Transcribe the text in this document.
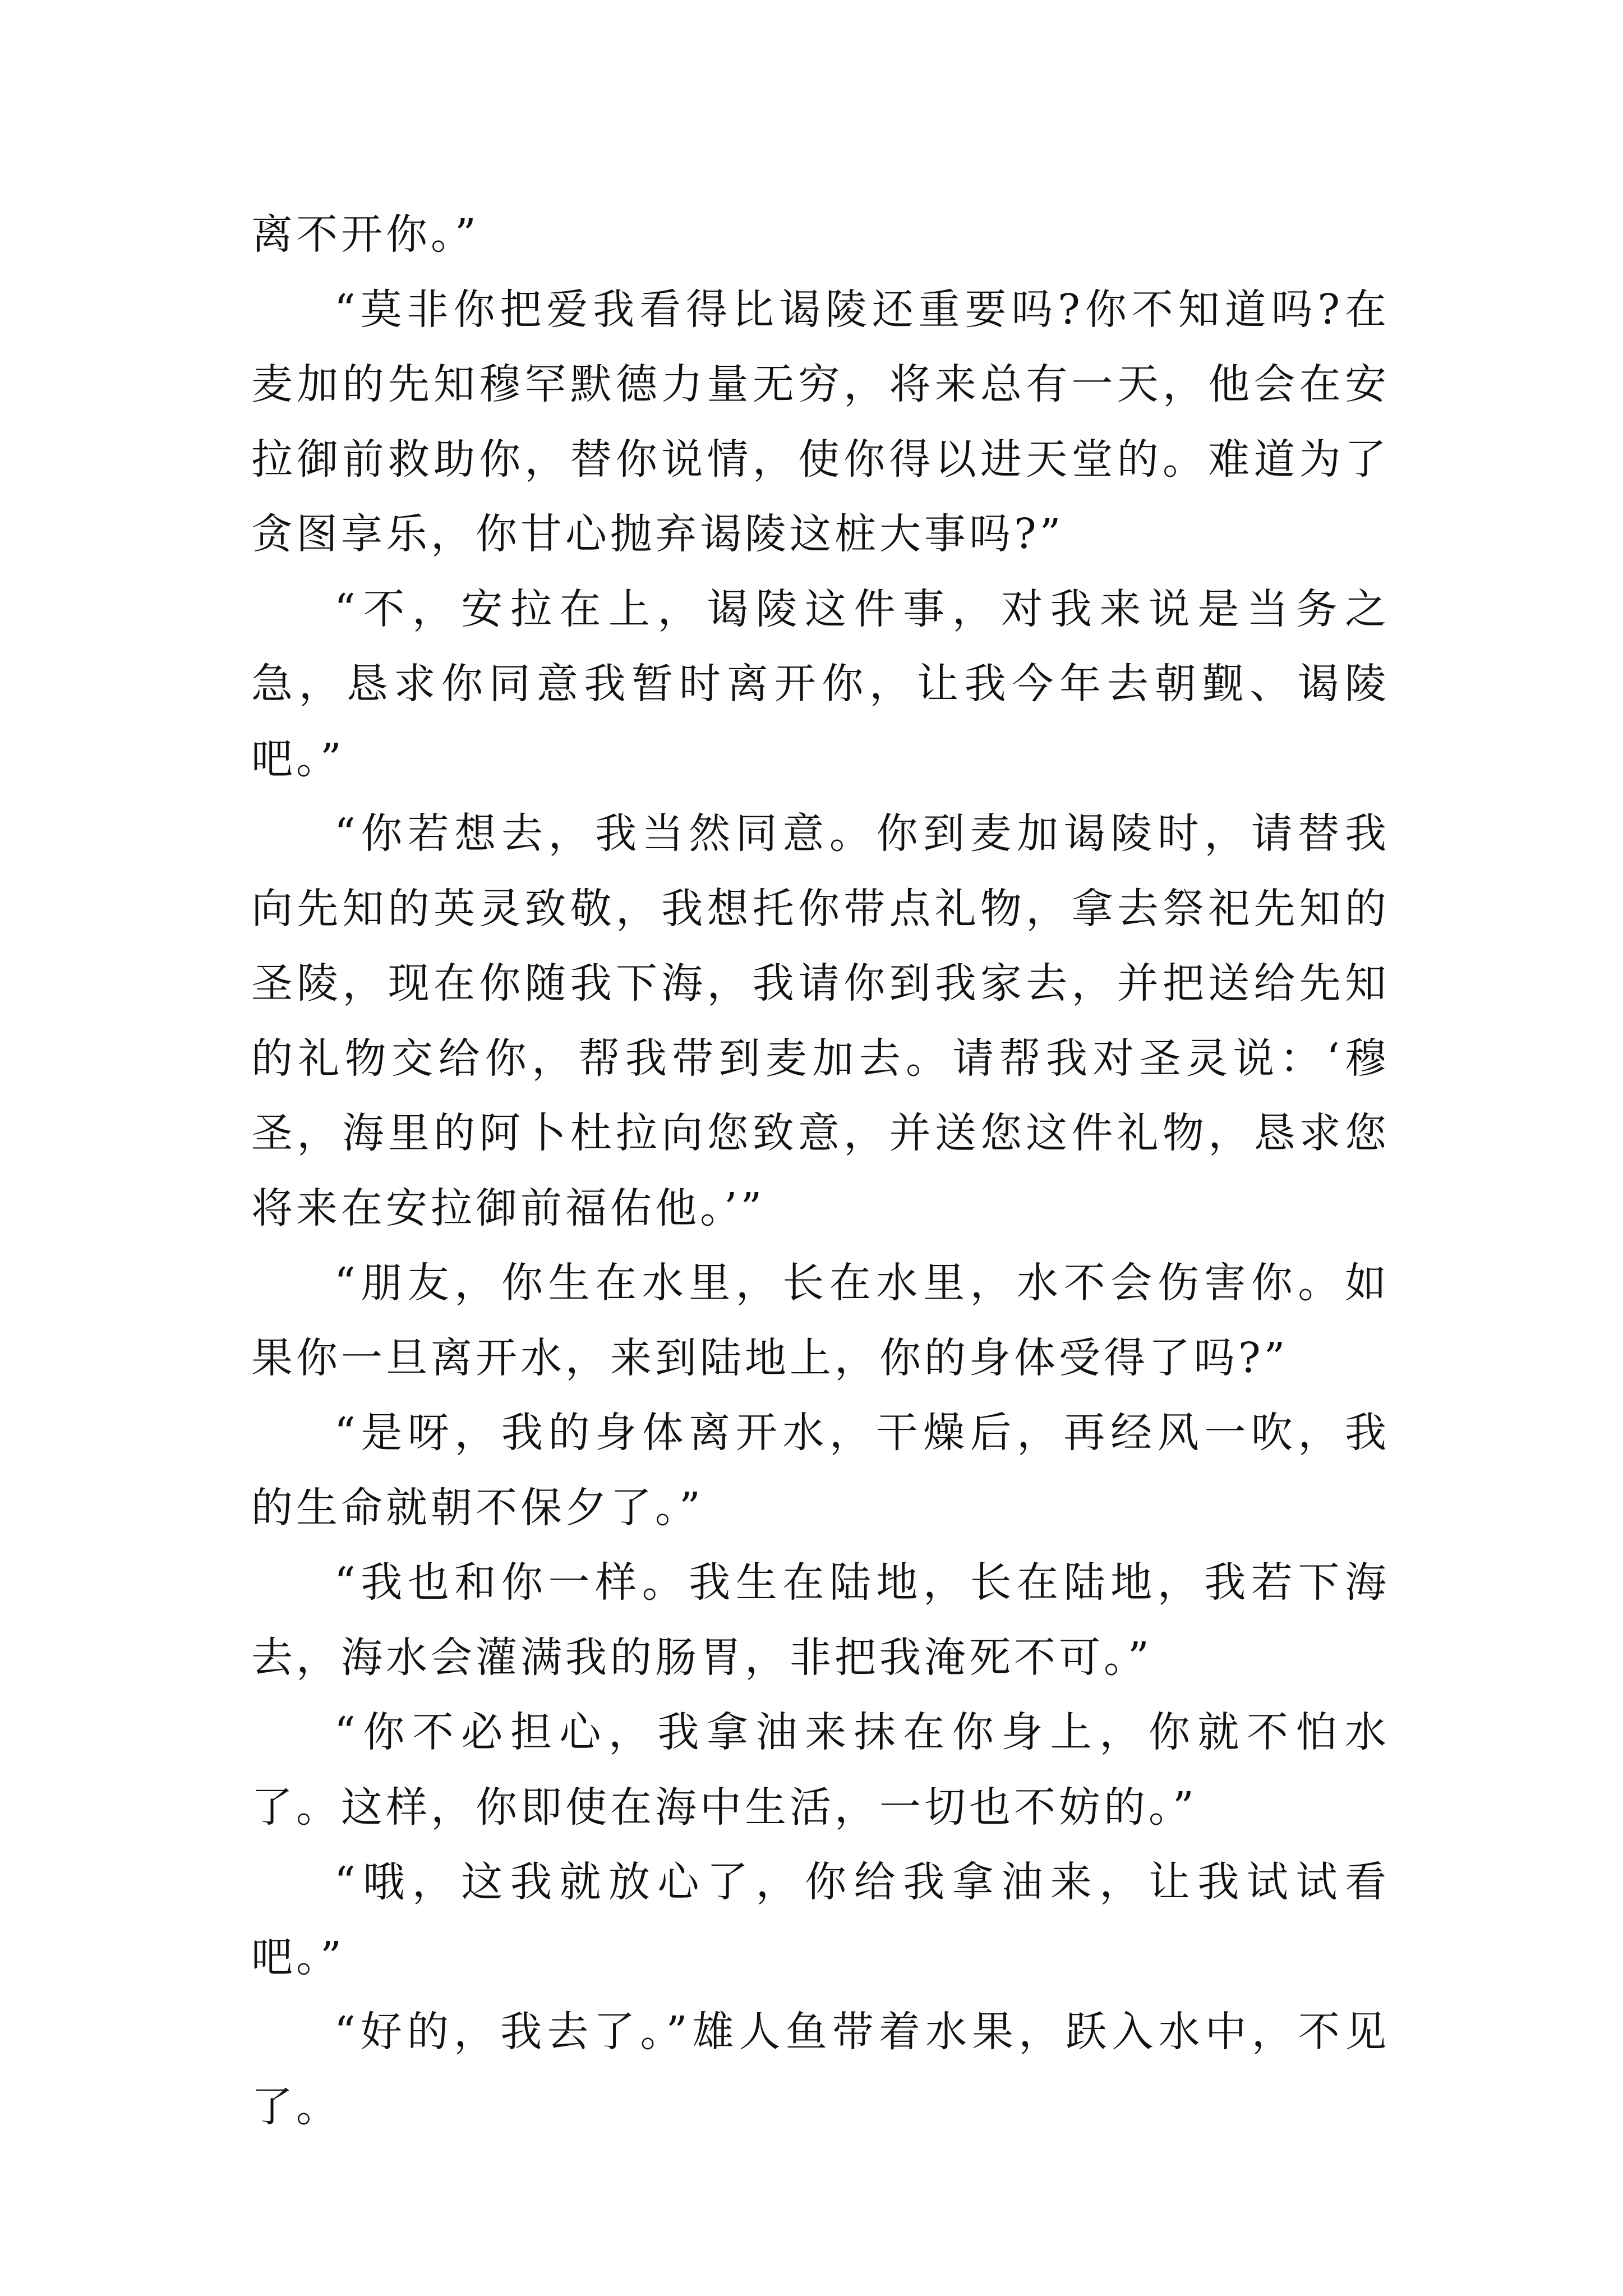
离不开你。”

“莫非你把爱我看得比谒陵还重要吗?你不知道吗?在麦加的先知穆罕默德力量无穷，将来总有一天，他会在安拉御前救助你，替你说情，使你得以进天堂的。难道为了贪图享乐，你甘心抛弃谒陵这桩大事吗?”

“不，安拉在上，谒陵这件事，对我来说是当务之急，恳求你同意我暂时离开你，让我今年去朝觐、谒陵吧。”

“你若想去，我当然同意。你到麦加谒陵时，请替我向先知的英灵致敬，我想托你带点礼物，拿去祭祀先知的圣陵，现在你随我下海，我请你到我家去，并把送给先知的礼物交给你，帮我带到麦加去。请帮我对圣灵说：‘穆圣，海里的阿卜杜拉向您致意，并送您这件礼物，恳求您将来在安拉御前福佑他。’”

“朋友，你生在水里，长在水里，水不会伤害你。如果你一旦离开水，来到陆地上，你的身体受得了吗?”

“是呀，我的身体离开水，干燥后，再经风一吹，我的生命就朝不保夕了。”

“我也和你一样。我生在陆地，长在陆地，我若下海去，海水会灌满我的肠胃，非把我淹死不可。”

“你不必担心，我拿油来抹在你身上，你就不怕水了。这样，你即使在海中生活，一切也不妨的。”

“哦，这我就放心了，你给我拿油来，让我试试看吧。”

“好的，我去了。”雄人鱼带着水果，跃入水中，不见了。
